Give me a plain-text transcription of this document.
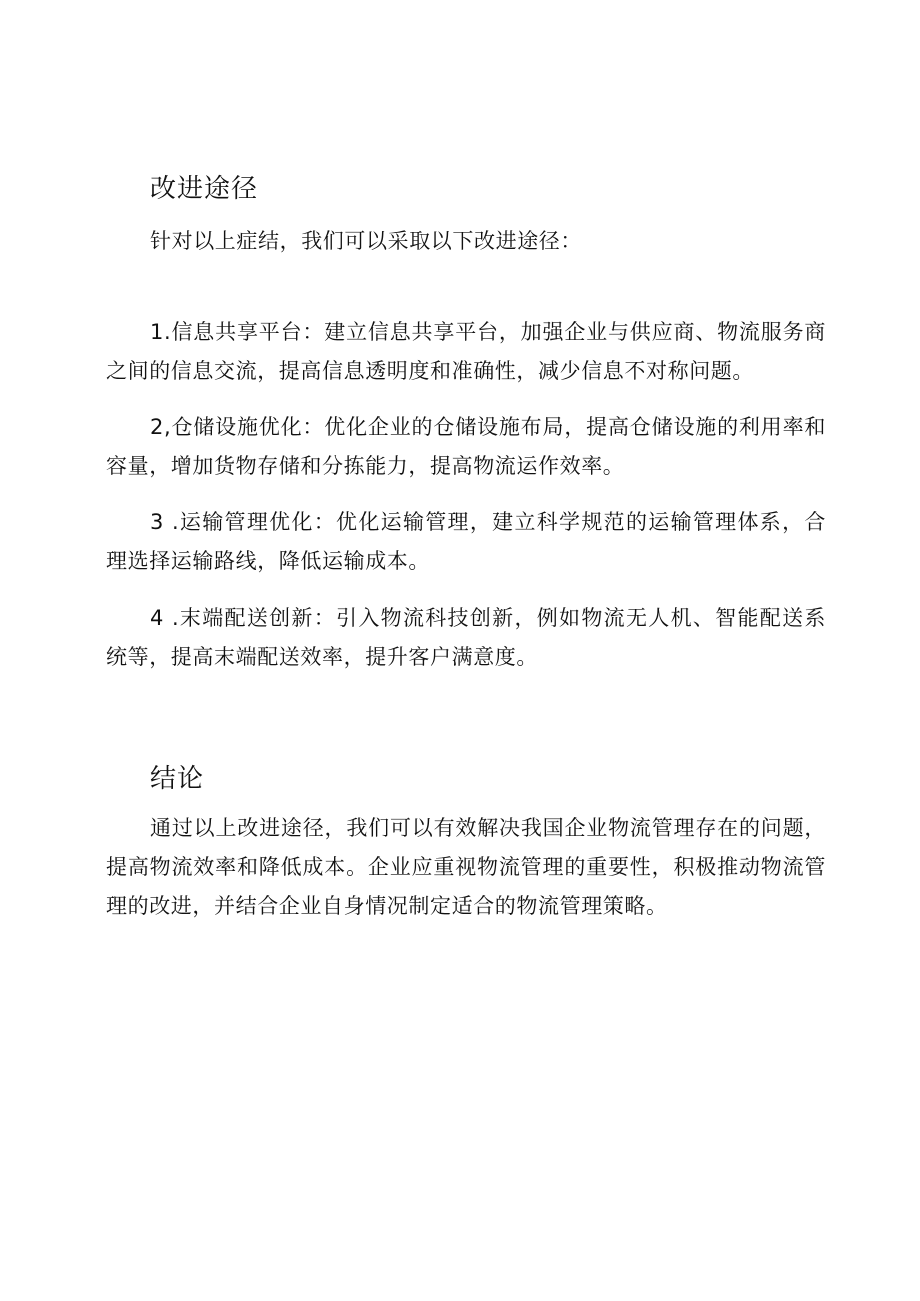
改进途径

针对以上症结，我们可以采取以下改进途径：

1.信息共享平台：建立信息共享平台，加强企业与供应商、物流服务商之间的信息交流，提高信息透明度和准确性，减少信息不对称问题。

2,仓储设施优化：优化企业的仓储设施布局，提高仓储设施的利用率和容量，增加货物存储和分拣能力，提高物流运作效率。

3 .运输管理优化：优化运输管理，建立科学规范的运输管理体系，合理选择运输路线，降低运输成本。

4 .末端配送创新：引入物流科技创新，例如物流无人机、智能配送系统等，提高末端配送效率，提升客户满意度。

结论

通过以上改进途径，我们可以有效解决我国企业物流管理存在的问题，提高物流效率和降低成本。企业应重视物流管理的重要性，积极推动物流管理的改进，并结合企业自身情况制定适合的物流管理策略。
